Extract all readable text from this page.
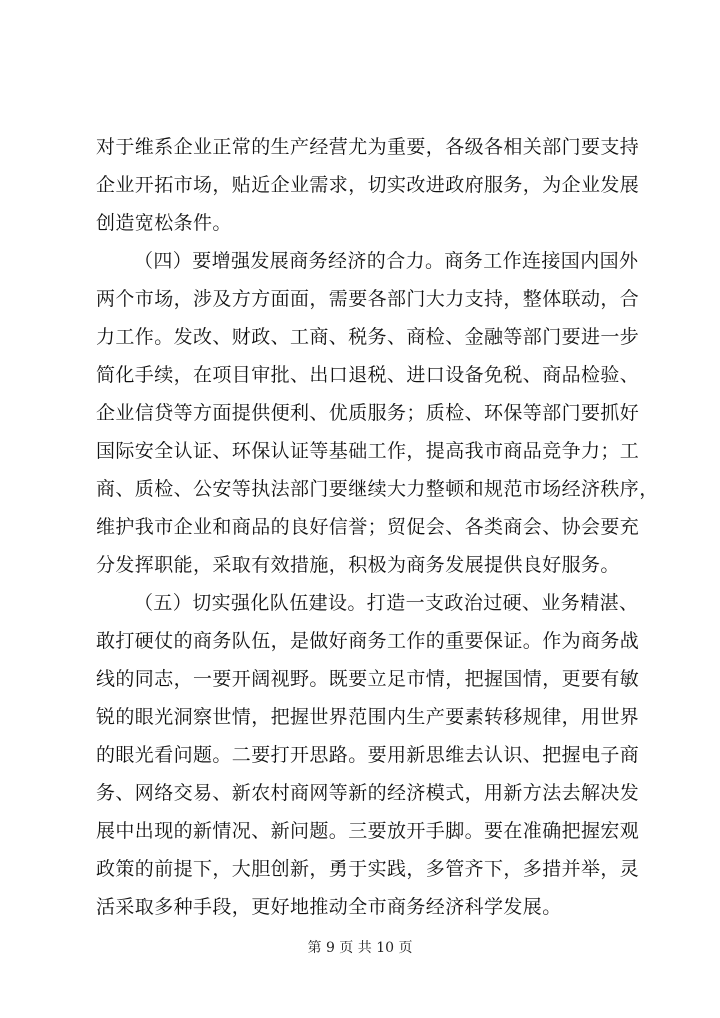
对于维系企业正常的生产经营尤为重要，各级各相关部门要支持
企业开拓市场，贴近企业需求，切实改进政府服务，为企业发展
创造宽松条件。
（四）要增强发展商务经济的合力。商务工作连接国内国外
两个市场，涉及方方面面，需要各部门大力支持，整体联动，合
力工作。发改、财政、工商、税务、商检、金融等部门要进一步
简化手续，在项目审批、出口退税、进口设备免税、商品检验、
企业信贷等方面提供便利、优质服务；质检、环保等部门要抓好
国际安全认证、环保认证等基础工作，提高我市商品竞争力；工
商、质检、公安等执法部门要继续大力整顿和规范市场经济秩序，
维护我市企业和商品的良好信誉；贸促会、各类商会、协会要充
分发挥职能，采取有效措施，积极为商务发展提供良好服务。
（五）切实强化队伍建设。打造一支政治过硬、业务精湛、
敢打硬仗的商务队伍，是做好商务工作的重要保证。作为商务战
线的同志，一要开阔视野。既要立足市情，把握国情，更要有敏
锐的眼光洞察世情，把握世界范围内生产要素转移规律，用世界
的眼光看问题。二要打开思路。要用新思维去认识、把握电子商
务、网络交易、新农村商网等新的经济模式，用新方法去解决发
展中出现的新情况、新问题。三要放开手脚。要在准确把握宏观
政策的前提下，大胆创新，勇于实践，多管齐下，多措并举，灵
活采取多种手段，更好地推动全市商务经济科学发展。
第 9 页 共 10 页
